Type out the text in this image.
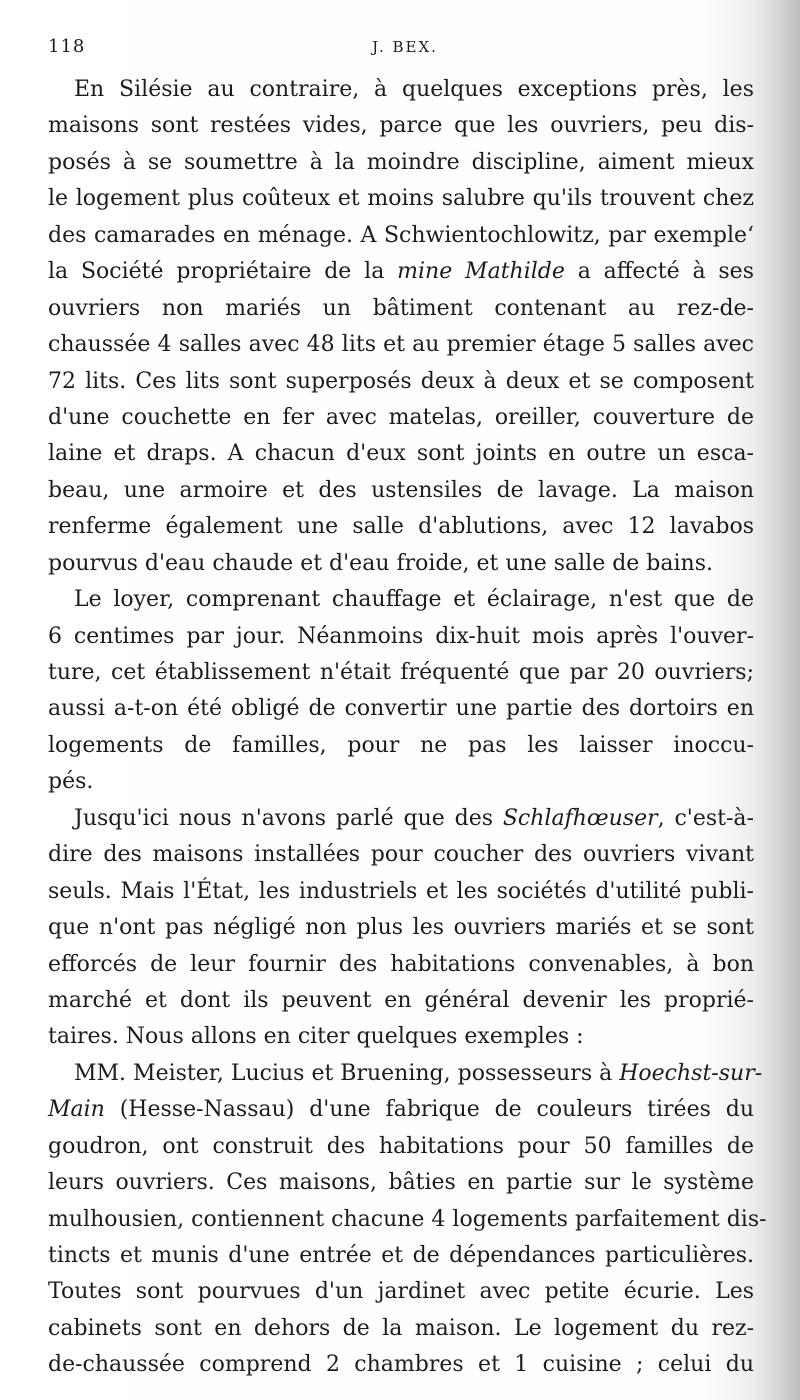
118	J. BEX.
En Silésie au contraire, à quelques exceptions près, les
maisons sont restées vides, parce que les ouvriers, peu dis-
posés à se soumettre à la moindre discipline, aiment mieux
le logement plus coûteux et moins salubre qu'ils trouvent chez
des camarades en ménage. A Schwientochlowitz, par exemple‘
la Société propriétaire de la mine Mathilde a affecté à ses
ouvriers non mariés un bâtiment contenant au rez-de-
chaussée 4 salles avec 48 lits et au premier étage 5 salles avec
72 lits. Ces lits sont superposés deux à deux et se composent
d'une couchette en fer avec matelas, oreiller, couverture de
laine et draps. A chacun d'eux sont joints en outre un esca-
beau, une armoire et des ustensiles de lavage. La maison
renferme également une salle d'ablutions, avec 12 lavabos
pourvus d'eau chaude et d'eau froide, et une salle de bains.
Le loyer, comprenant chauffage et éclairage, n'est que de
6 centimes par jour. Néanmoins dix-huit mois après l'ouver-
ture, cet établissement n'était fréquenté que par 20 ouvriers;
aussi a-t-on été obligé de convertir une partie des dortoirs en
logements de familles, pour ne pas les laisser inoccu-
pés.
Jusqu'ici nous n'avons parlé que des Schlafhœuser, c'est-à-
dire des maisons installées pour coucher des ouvriers vivant
seuls. Mais l'État, les industriels et les sociétés d'utilité publi-
que n'ont pas négligé non plus les ouvriers mariés et se sont
efforcés de leur fournir des habitations convenables, à bon
marché et dont ils peuvent en général devenir les proprié-
taires. Nous allons en citer quelques exemples :
MM. Meister, Lucius et Bruening, possesseurs à Hoechst-sur-
Main (Hesse-Nassau) d'une fabrique de couleurs tirées du
goudron, ont construit des habitations pour 50 familles de
leurs ouvriers. Ces maisons, bâties en partie sur le système
mulhousien, contiennent chacune 4 logements parfaitement dis-
tincts et munis d'une entrée et de dépendances particulières.
Toutes sont pourvues d'un jardinet avec petite écurie. Les
cabinets sont en dehors de la maison. Le logement du rez-
de-chaussée comprend 2 chambres et 1 cuisine ; celui du
